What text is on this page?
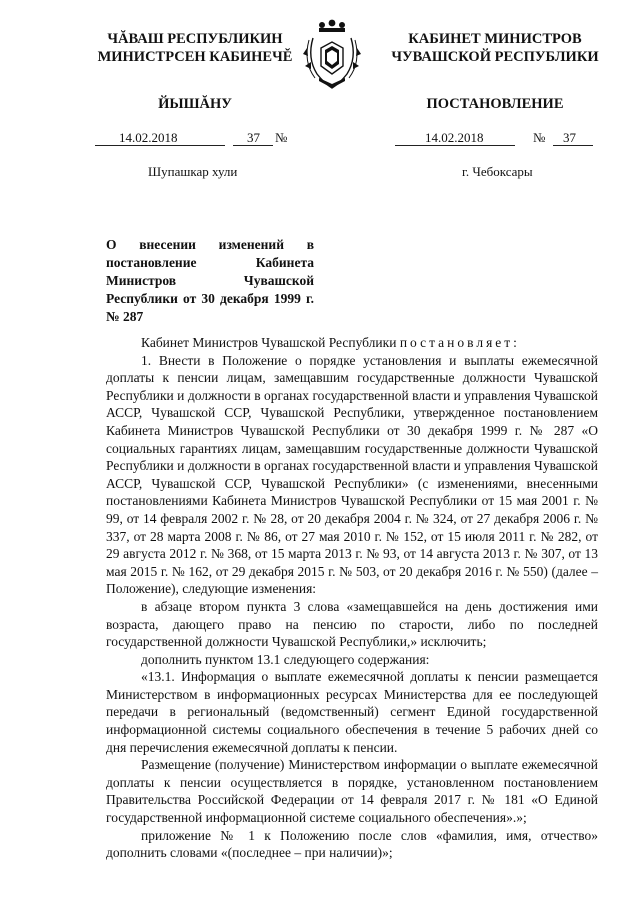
ЧĂВАШ РЕСПУБЛИКИН
МИНИСТРСЕН КАБИНЕЧĔ
ЙЫШĂНУ
КАБИНЕТ МИНИСТРОВ
ЧУВАШСКОЙ РЕСПУБЛИКИ
ПОСТАНОВЛЕНИЕ
14.02.2018	37 №	14.02.2018	№ 37
Шупашкар хули	г. Чебоксары
О внесении изменений в постановление Кабинета Министров Чувашской Республики от 30 декабря 1999 г. № 287

Кабинет Министров Чувашской Республики постановляет:

1. Внести в Положение о порядке установления и выплаты ежемесячной доплаты к пенсии лицам, замещавшим государственные должности Чувашской Республики и должности в органах государственной власти и управления Чувашской АССР, Чувашской ССР, Чувашской Республики, утвержденное постановлением Кабинета Министров Чувашской Республики от 30 декабря 1999 г. № 287 «О социальных гарантиях лицам, замещавшим государственные должности Чувашской Республики и должности в органах государственной власти и управления Чувашской АССР, Чувашской ССР, Чувашской Республики» (с изменениями, внесенными постановлениями Кабинета Министров Чувашской Республики от 15 мая 2001 г. № 99, от 14 февраля 2002 г. № 28, от 20 декабря 2004 г. № 324, от 27 декабря 2006 г. № 337, от 28 марта 2008 г. № 86, от 27 мая 2010 г. № 152, от 15 июля 2011 г. № 282, от 29 августа 2012 г. № 368, от 15 марта 2013 г. № 93, от 14 августа 2013 г. № 307, от 13 мая 2015 г. № 162, от 29 декабря 2015 г. № 503, от 20 декабря 2016 г. № 550) (далее – Положение), следующие изменения:

в абзаце втором пункта 3 слова «замещавшейся на день достижения ими возраста, дающего право на пенсию по старости, либо по последней государственной должности Чувашской Республики,» исключить;

дополнить пунктом 13.1 следующего содержания:

«13.1. Информация о выплате ежемесячной доплаты к пенсии размещается Министерством в информационных ресурсах Министерства для ее последующей передачи в региональный (ведомственный) сегмент Единой государственной информационной системы социального обеспечения в течение 5 рабочих дней со дня перечисления ежемесячной доплаты к пенсии.

Размещение (получение) Министерством информации о выплате ежемесячной доплаты к пенсии осуществляется в порядке, установленном постановлением Правительства Российской Федерации от 14 февраля 2017 г. № 181 «О Единой государственной информационной системе социального обеспечения».»;

приложение № 1 к Положению после слов «фамилия, имя, отчество» дополнить словами «(последнее – при наличии)»;
